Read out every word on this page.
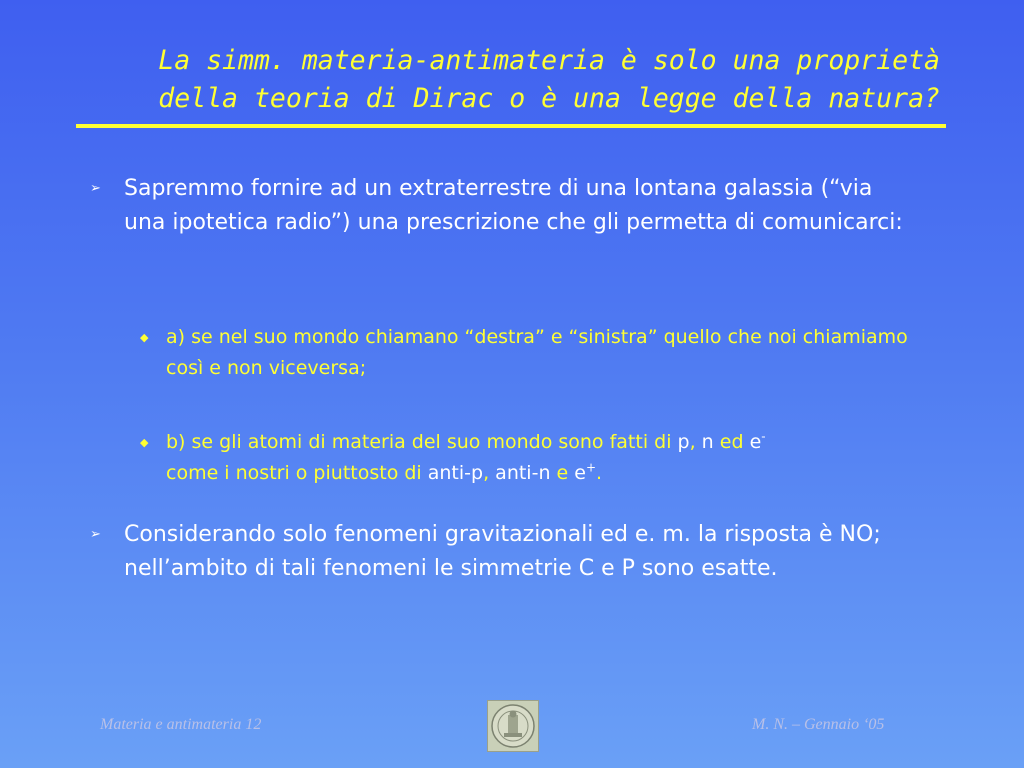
La simm. materia-antimateria è solo una proprietà
della teoria di Dirac o è una legge della natura?
➢	Sapremmo fornire ad un extraterrestre di una lontana galassia (“via una ipotetica radio”) una prescrizione che gli permetta di comunicarci:
◆ a) se nel suo mondo chiamano “destra” e “sinistra” quello che noi chiamiamo così e non viceversa;
◆ b) se gli atomi di materia del suo mondo sono fatti di p, n ed e-
come i nostri o piuttosto di anti-p, anti-n e e+.
➢	Considerando solo fenomeni gravitazionali ed e. m. la risposta è NO; nell’ambito di tali fenomeni le simmetrie C e P sono esatte.
Materia e antimateria 12	M. N. – Gennaio ‘05
